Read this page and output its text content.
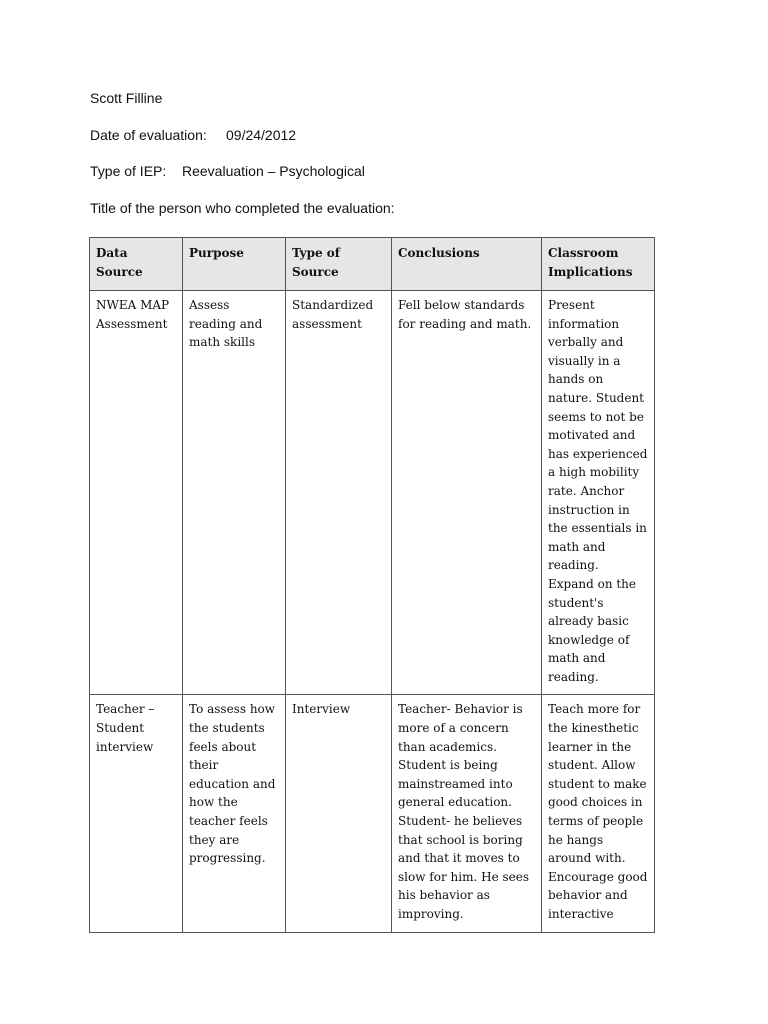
Scott Filline
Date of evaluation: 09/24/2012
Type of IEP: Reevaluation – Psychological
Title of the person who completed the evaluation:
Data Source	Purpose	Type of Source	Conclusions	Classroom Implications

NWEA MAP Assessment	Assess reading and math skills	Standardized assessment	Fell below standards for reading and math.	Present information verbally and visually in a hands on nature. Student seems to not be motivated and has experienced a high mobility rate. Anchor instruction in the essentials in math and reading. Expand on the student's already basic knowledge of math and reading.

Teacher – Student interview	To assess how the students feels about their education and how the teacher feels they are progressing.	Interview	Teacher- Behavior is more of a concern than academics. Student is being mainstreamed into general education. Student- he believes that school is boring and that it moves to slow for him. He sees his behavior as improving.	Teach more for the kinesthetic learner in the student. Allow student to make good choices in terms of people he hangs around with. Encourage good behavior and interactive
